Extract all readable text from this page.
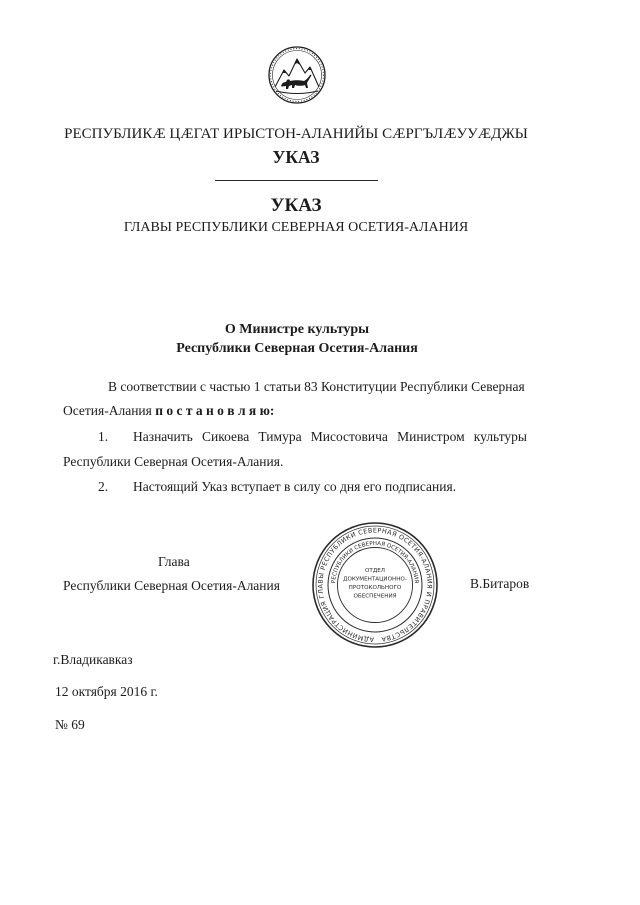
РЕСПУБЛИКÆ ЦÆГАТ ИРЫСТОН-АЛАНИЙЫ СÆРГЪЛÆУУÆДЖЫ
УКАЗ
УКАЗ
ГЛАВЫ РЕСПУБЛИКИ СЕВЕРНАЯ ОСЕТИЯ-АЛАНИЯ
О Министре культуры
Республики Северная Осетия-Алания
В соответствии с частью 1 статьи 83 Конституции Республики Северная
Осетия-Алания п о с т а н о в л я ю:
1. Назначить Сикоева Тимура Мисостовича Министром культуры
Республики Северная Осетия-Алания.
2. Настоящий Указ вступает в силу со дня его подписания.
Глава
Республики Северная Осетия-Алания	В.Битаров
АДМИНИСТРАЦИЯ ГЛАВЫ РЕСПУБЛИКИ СЕВЕРНАЯ ОСЕТИЯ-АЛАНИЯ И ПРАВИТЕЛЬСТВА
РЕСПУБЛИКИ СЕВЕРНАЯ ОСЕТИЯ-АЛАНИЯ
ОТДЕЛ
ДОКУМЕНТАЦИОННО-
ПРОТОКОЛЬНОГО
ОБЕСПЕЧЕНИЯ
г.Владикавказ
12 октября 2016 г.
№ 69
